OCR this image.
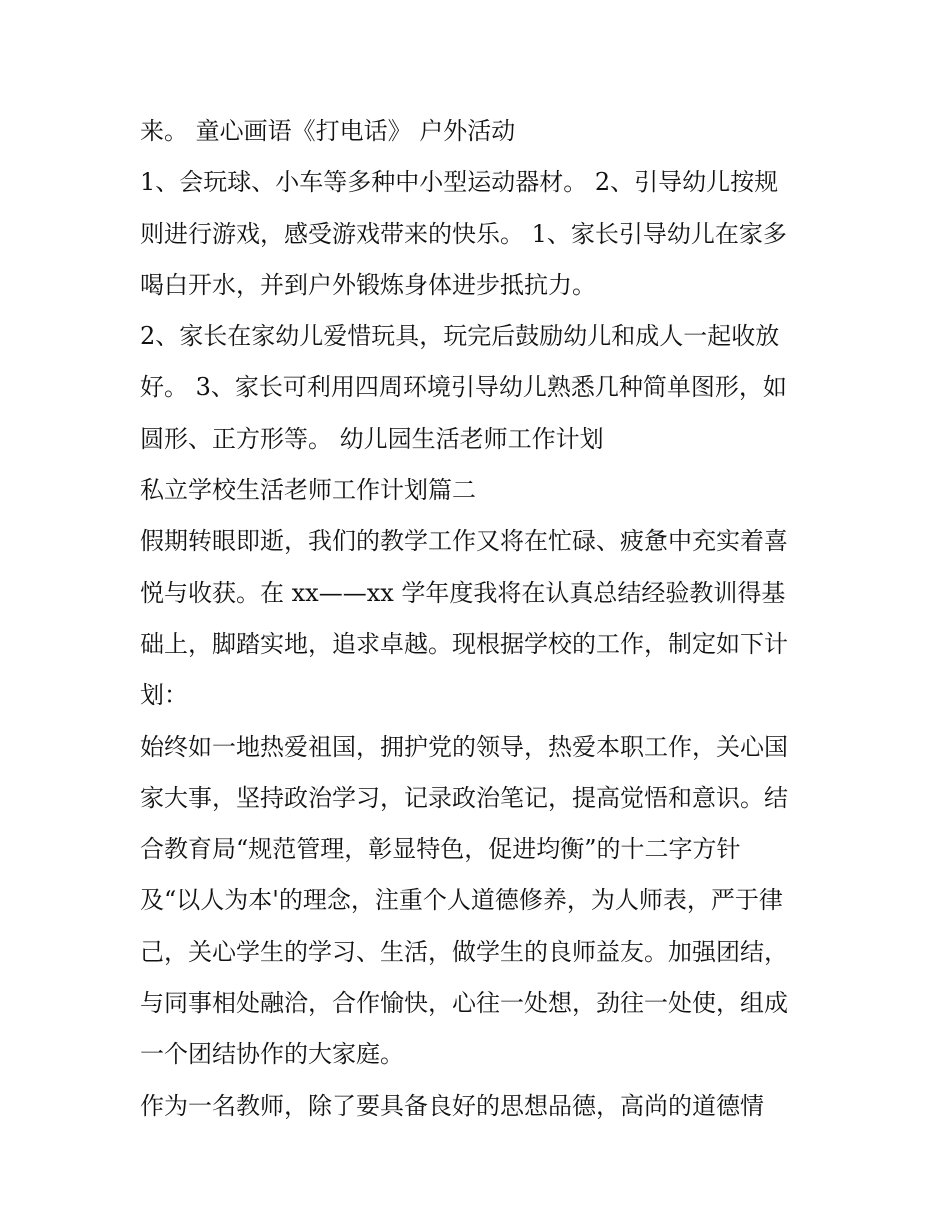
来。 童心画语《打电话》 户外活动
1、会玩球、小车等多种中小型运动器材。 2、引导幼儿按规
则进行游戏，感受游戏带来的快乐。 1、家长引导幼儿在家多
喝白开水，并到户外锻炼身体进步抵抗力。
2、家长在家幼儿爱惜玩具，玩完后鼓励幼儿和成人一起收放
好。 3、家长可利用四周环境引导幼儿熟悉几种简单图形，如
圆形、正方形等。 幼儿园生活老师工作计划
私立学校生活老师工作计划篇二
假期转眼即逝，我们的教学工作又将在忙碌、疲惫中充实着喜
悦与收获。在 xx——xx 学年度我将在认真总结经验教训得基
础上，脚踏实地，追求卓越。现根据学校的工作，制定如下计
划：
始终如一地热爱祖国，拥护党的领导，热爱本职工作，关心国
家大事，坚持政治学习，记录政治笔记，提高觉悟和意识。结
合教育局“规范管理，彰显特色，促进均衡”的十二字方针
及“以人为本'的理念，注重个人道德修养，为人师表，严于律
己，关心学生的学习、生活，做学生的良师益友。加强团结，
与同事相处融洽，合作愉快，心往一处想，劲往一处使，组成
一个团结协作的大家庭。
作为一名教师，除了要具备良好的思想品德，高尚的道德情
